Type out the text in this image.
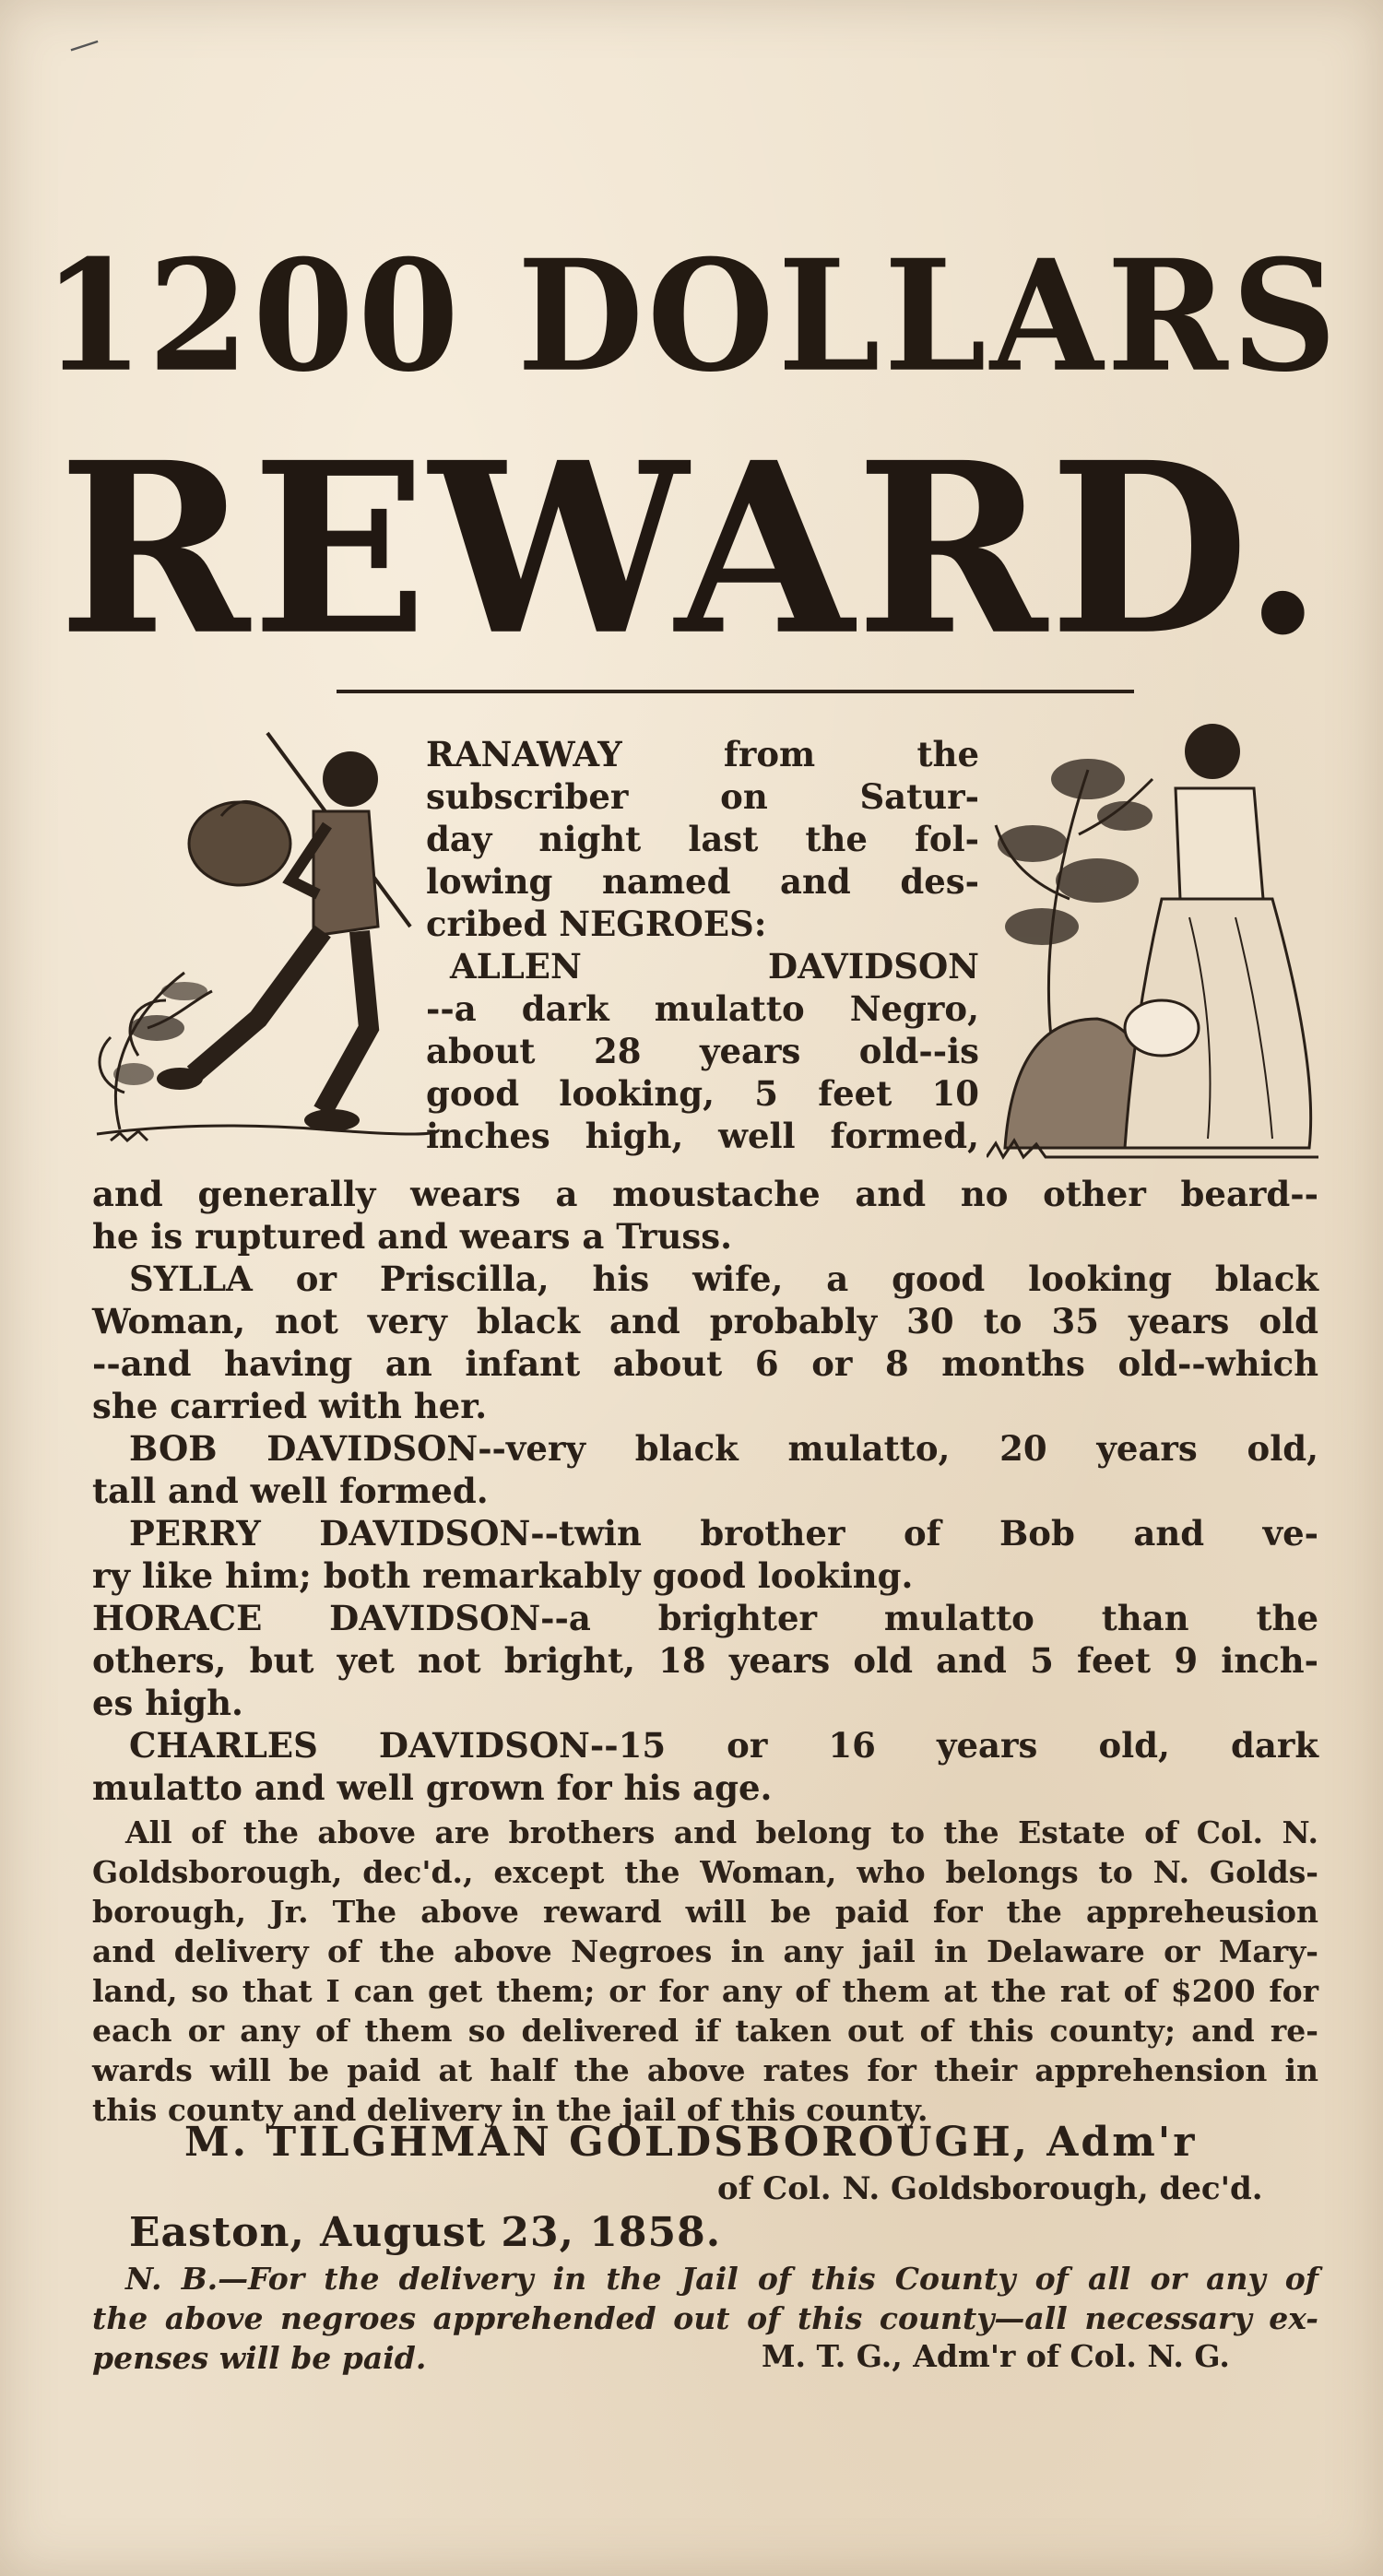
—
1200 DOLLARS
REWARD.
RANAWAY from the
subscriber on Satur-
day night last the fol-
lowing named and des-
cribed NEGROES:
ALLEN DAVIDSON
--a dark mulatto Negro,
about 28 years old--is
good looking, 5 feet 10
inches high, well formed,
and generally wears a moustache and no other beard--
he is ruptured and wears a Truss.
SYLLA or Priscilla, his wife, a good looking black
Woman, not very black and probably 30 to 35 years old
--and having an infant about 6 or 8 months old--which
she carried with her.
BOB DAVIDSON--very black mulatto, 20 years old,
tall and well formed.
PERRY DAVIDSON--twin brother of Bob and ve-
ry like him; both remarkably good looking.
HORACE DAVIDSON--a brighter mulatto than the
others, but yet not bright, 18 years old and 5 feet 9 inch-
es high.
CHARLES DAVIDSON--15 or 16 years old, dark
mulatto and well grown for his age.
All of the above are brothers and belong to the Estate of Col. N.
Goldsborough, dec'd., except the Woman, who belongs to N. Golds-
borough, Jr. The above reward will be paid for the appreheusion
and delivery of the above Negroes in any jail in Delaware or Mary-
land, so that I can get them; or for any of them at the rat of $200 for
each or any of them so delivered if taken out of this county; and re-
wards will be paid at half the above rates for their apprehension in
this county and delivery in the jail of this county.
M. TILGHMAN GOLDSBOROUGH, Adm'r
of Col. N. Goldsborough, dec'd.
Easton, August 23, 1858.
N. B.—For the delivery in the Jail of this County of all or any of
the above negroes apprehended out of this county—all necessary ex-
penses will be paid.	M. T. G., Adm'r of Col. N. G.
